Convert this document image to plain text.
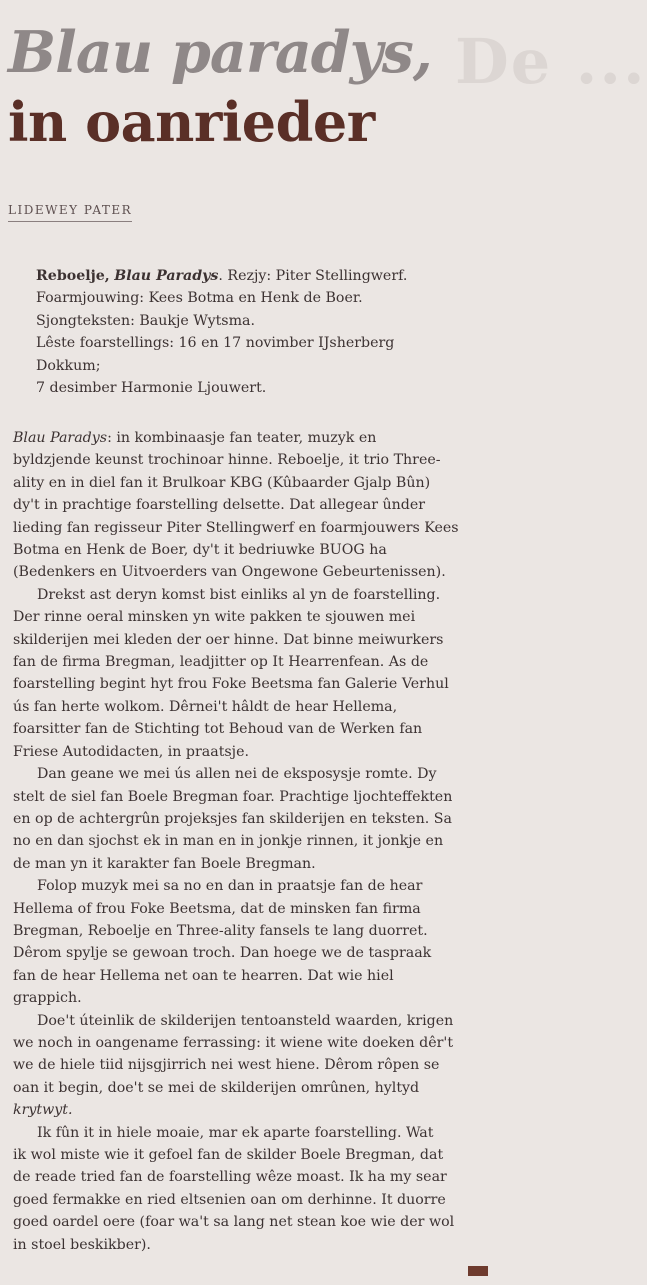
De ...
Blau paradys,
in oanrieder
LIDEWEY PATER
Reboelje, Blau Paradys. Rezjy: Piter Stellingwerf.
Foarmjouwing: Kees Botma en Henk de Boer.
Sjongteksten: Baukje Wytsma.
Lêste foarstellings: 16 en 17 novimber IJsherberg
Dokkum;
7 desimber Harmonie Ljouwert.
Blau Paradys: in kombinaasje fan teater, muzyk en
byldzjende keunst trochinoar hinne. Reboelje, it trio Three-
ality en in diel fan it Brulkoar KBG (Kûbaarder Gjalp Bûn)
dy't in prachtige foarstelling delsette. Dat allegear ûnder
lieding fan regisseur Piter Stellingwerf en foarmjouwers Kees
Botma en Henk de Boer, dy't it bedriuwke BUOG ha
(Bedenkers en Uitvoerders van Ongewone Gebeurtenissen).
Drekst ast deryn komst bist einliks al yn de foarstelling.
Der rinne oeral minsken yn wite pakken te sjouwen mei
skilderijen mei kleden der oer hinne. Dat binne meiwurkers
fan de firma Bregman, leadjitter op It Hearrenfean. As de
foarstelling begint hyt frou Foke Beetsma fan Galerie Verhul
ús fan herte wolkom. Dêrnei't hâldt de hear Hellema,
foarsitter fan de Stichting tot Behoud van de Werken fan
Friese Autodidacten, in praatsje.
Dan geane we mei ús allen nei de eksposysje romte. Dy
stelt de siel fan Boele Bregman foar. Prachtige ljochteffekten
en op de achtergrûn projeksjes fan skilderijen en teksten. Sa
no en dan sjochst ek in man en in jonkje rinnen, it jonkje en
de man yn it karakter fan Boele Bregman.
Folop muzyk mei sa no en dan in praatsje fan de hear
Hellema of frou Foke Beetsma, dat de minsken fan firma
Bregman, Reboelje en Three-ality fansels te lang duorret.
Dêrom spylje se gewoan troch. Dan hoege we de taspraak
fan de hear Hellema net oan te hearren. Dat wie hiel
grappich.
Doe't úteinlik de skilderijen tentoansteld waarden, krigen
we noch in oangename ferrassing: it wiene wite doeken dêr't
we de hiele tiid nijsgjirrich nei west hiene. Dêrom rôpen se
oan it begin, doe't se mei de skilderijen omrûnen, hyltyd
krytwyt.
Ik fûn it in hiele moaie, mar ek aparte foarstelling. Wat
ik wol miste wie it gefoel fan de skilder Boele Bregman, dat
de reade tried fan de foarstelling wêze moast. Ik ha my sear
goed fermakke en ried eltsenien oan om derhinne. It duorre
goed oardel oere (foar wa't sa lang net stean koe wie der wol
in stoel beskikber).
